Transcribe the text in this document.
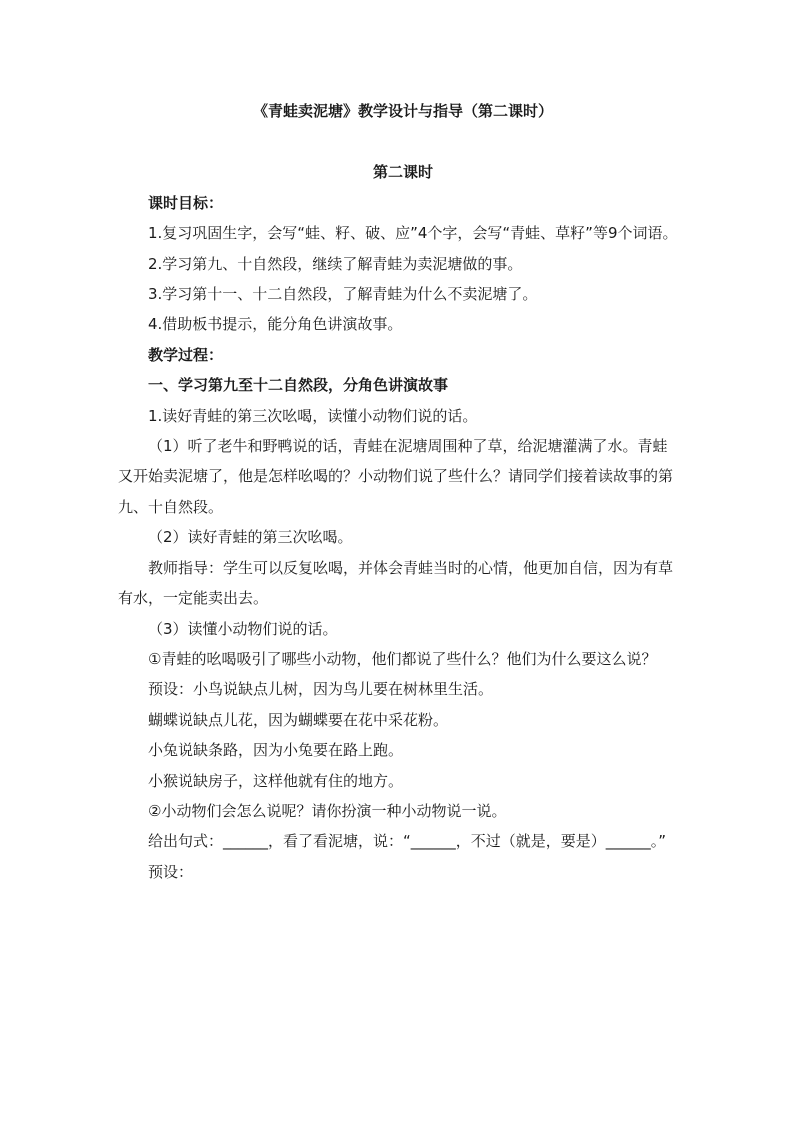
《青蛙卖泥塘》教学设计与指导（第二课时）

第二课时

课时目标：

1.复习巩固生字，会写“蛙、籽、破、应”4个字，会写“青蛙、草籽”等9个词语。

2.学习第九、十自然段，继续了解青蛙为卖泥塘做的事。

3.学习第十一、十二自然段，了解青蛙为什么不卖泥塘了。

4.借助板书提示，能分角色讲演故事。

教学过程：

一、学习第九至十二自然段，分角色讲演故事

1.读好青蛙的第三次吆喝，读懂小动物们说的话。

（1）听了老牛和野鸭说的话，青蛙在泥塘周围种了草，给泥塘灌满了水。青蛙又开始卖泥塘了，他是怎样吆喝的？小动物们说了些什么？请同学们接着读故事的第九、十自然段。

（2）读好青蛙的第三次吆喝。

教师指导：学生可以反复吆喝，并体会青蛙当时的心情，他更加自信，因为有草有水，一定能卖出去。

（3）读懂小动物们说的话。

①青蛙的吆喝吸引了哪些小动物，他们都说了些什么？他们为什么要这么说？

预设：小鸟说缺点儿树，因为鸟儿要在树林里生活。

蝴蝶说缺点儿花，因为蝴蝶要在花中采花粉。

小兔说缺条路，因为小兔要在路上跑。

小猴说缺房子，这样他就有住的地方。

②小动物们会怎么说呢？请你扮演一种小动物说一说。

给出句式：______，看了看泥塘，说：“______，不过（就是，要是）______。”

预设：
